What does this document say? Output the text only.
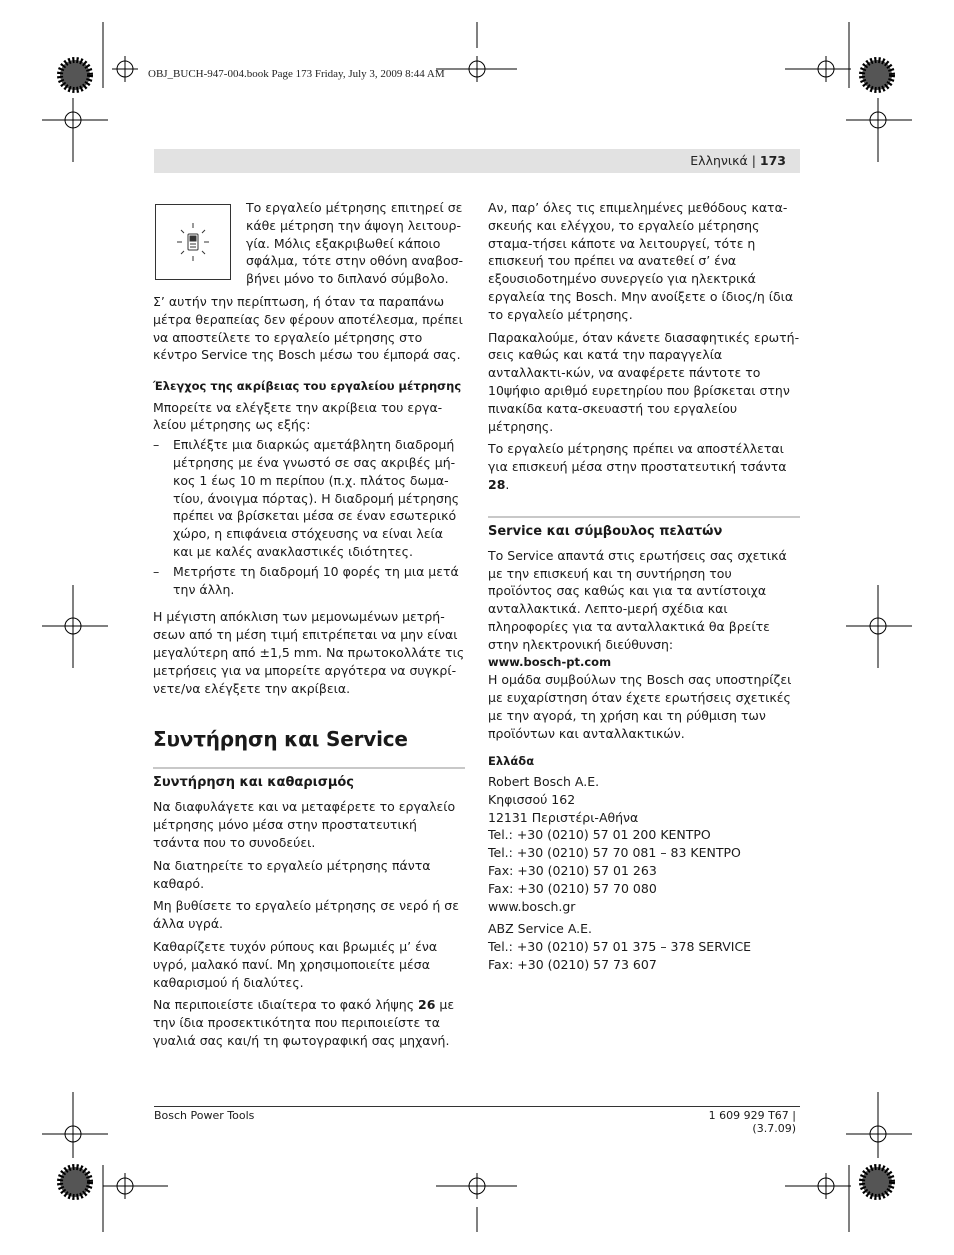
OBJ_BUCH-947-004.book Page 173 Friday, July 3, 2009 8:44 AM
Ελληνικά | 173

Το εργαλείο μέτρησης επιτηρεί σε κάθε μέτρηση την άψογη λειτουρ-γία. Μόλις εξακριβωθεί κάποιο σφάλμα, τότε στην οθόνη αναβοσ-βήνει μόνο το διπλανό σύμβολο.

Σ’ αυτήν την περίπτωση, ή όταν τα παραπάνω μέτρα θεραπείας δεν φέρουν αποτέλεσμα, πρέπει να αποστείλετε το εργαλείο μέτρησης στο κέντρο Service της Bosch μέσω του έμπορά σας.

Έλεγχος της ακρίβειας του εργαλείου μέτρησης

Μπορείτε να ελέγξετε την ακρίβεια του εργα-λείου μέτρησης ως εξής:

– Επιλέξτε μια διαρκώς αμετάβλητη διαδρομή μέτρησης με ένα γνωστό σε σας ακριβές μή-κος 1 έως 10 m περίπου (π.χ. πλάτος δωμα-τίου, άνοιγμα πόρτας). Η διαδρομή μέτρησης πρέπει να βρίσκεται μέσα σε έναν εσωτερικό χώρο, η επιφάνεια στόχευσης να είναι λεία και με καλές ανακλαστικές ιδιότητες.
– Μετρήστε τη διαδρομή 10 φορές τη μια μετά την άλλη.

Η μέγιστη απόκλιση των μεμονωμένων μετρή-σεων από τη μέση τιμή επιτρέπεται να μην είναι μεγαλύτερη από ±1,5 mm. Να πρωτοκολλάτε τις μετρήσεις για να μπορείτε αργότερα να συγκρί-νετε/να ελέγξετε την ακρίβεια.

Συντήρηση και Service
Συντήρηση και καθαρισμός

Να διαφυλάγετε και να μεταφέρετε το εργαλείο μέτρησης μόνο μέσα στην προστατευτική τσάντα που το συνοδεύει.

Να διατηρείτε το εργαλείο μέτρησης πάντα καθαρό.

Μη βυθίσετε το εργαλείο μέτρησης σε νερό ή σε άλλα υγρά.

Καθαρίζετε τυχόν ρύπους και βρωμιές μ’ ένα υγρό, μαλακό πανί. Μη χρησιμοποιείτε μέσα καθαρισμού ή διαλύτες.

Να περιποιείστε ιδιαίτερα το φακό λήψης 26 με την ίδια προσεκτικότητα που περιποιείστε τα γυαλιά σας και/ή τη φωτογραφική σας μηχανή.

Αν, παρ’ όλες τις επιμελημένες μεθόδους κατα-σκευής και ελέγχου, το εργαλείο μέτρησης σταμα-τήσει κάποτε να λειτουργεί, τότε η επισκευή του πρέπει να ανατεθεί σ’ ένα εξουσιοδοτημένο συνεργείο για ηλεκτρικά εργαλεία της Bosch. Μην ανοίξετε ο ίδιος/η ίδια το εργαλείο μέτρησης.

Παρακαλούμε, όταν κάνετε διασαφητικές ερωτή-σεις καθώς και κατά την παραγγελία ανταλλακτι-κών, να αναφέρετε πάντοτε το 10ψήφιο αριθμό ευρετηρίου που βρίσκεται στην πινακίδα κατα-σκευαστή του εργαλείου μέτρησης.

Το εργαλείο μέτρησης πρέπει να αποστέλλεται για επισκευή μέσα στην προστατευτική τσάντα 28.

Service και σύμβουλος πελατών

Το Service απαντά στις ερωτήσεις σας σχετικά με την επισκευή και τη συντήρηση του προϊόντος σας καθώς και για τα αντίστοιχα ανταλλακτικά. Λεπτο-μερή σχέδια και πληροφορίες για τα ανταλλακτικά θα βρείτε στην ηλεκτρονική διεύθυνση:

www.bosch-pt.com

Η ομάδα συμβούλων της Bosch σας υποστηρίζει με ευχαρίστηση όταν έχετε ερωτήσεις σχετικές με την αγορά, τη χρήση και τη ρύθμιση των προϊόντων και ανταλλακτικών.

Ελλάδα

Robert Bosch A.E.

Κηφισσού 162

12131 Περιστέρι-Αθήνα

Tel.: +30 (0210) 57 01 200 ΚΕΝΤΡΟ

Tel.: +30 (0210) 57 70 081 – 83 ΚΕΝΤΡΟ

Fax: +30 (0210) 57 01 263

Fax: +30 (0210) 57 70 080

www.bosch.gr

ABZ Service A.E.

Tel.: +30 (0210) 57 01 375 – 378 SERVICE

Fax: +30 (0210) 57 73 607

Bosch Power Tools	1 609 929 T67 | (3.7.09)
